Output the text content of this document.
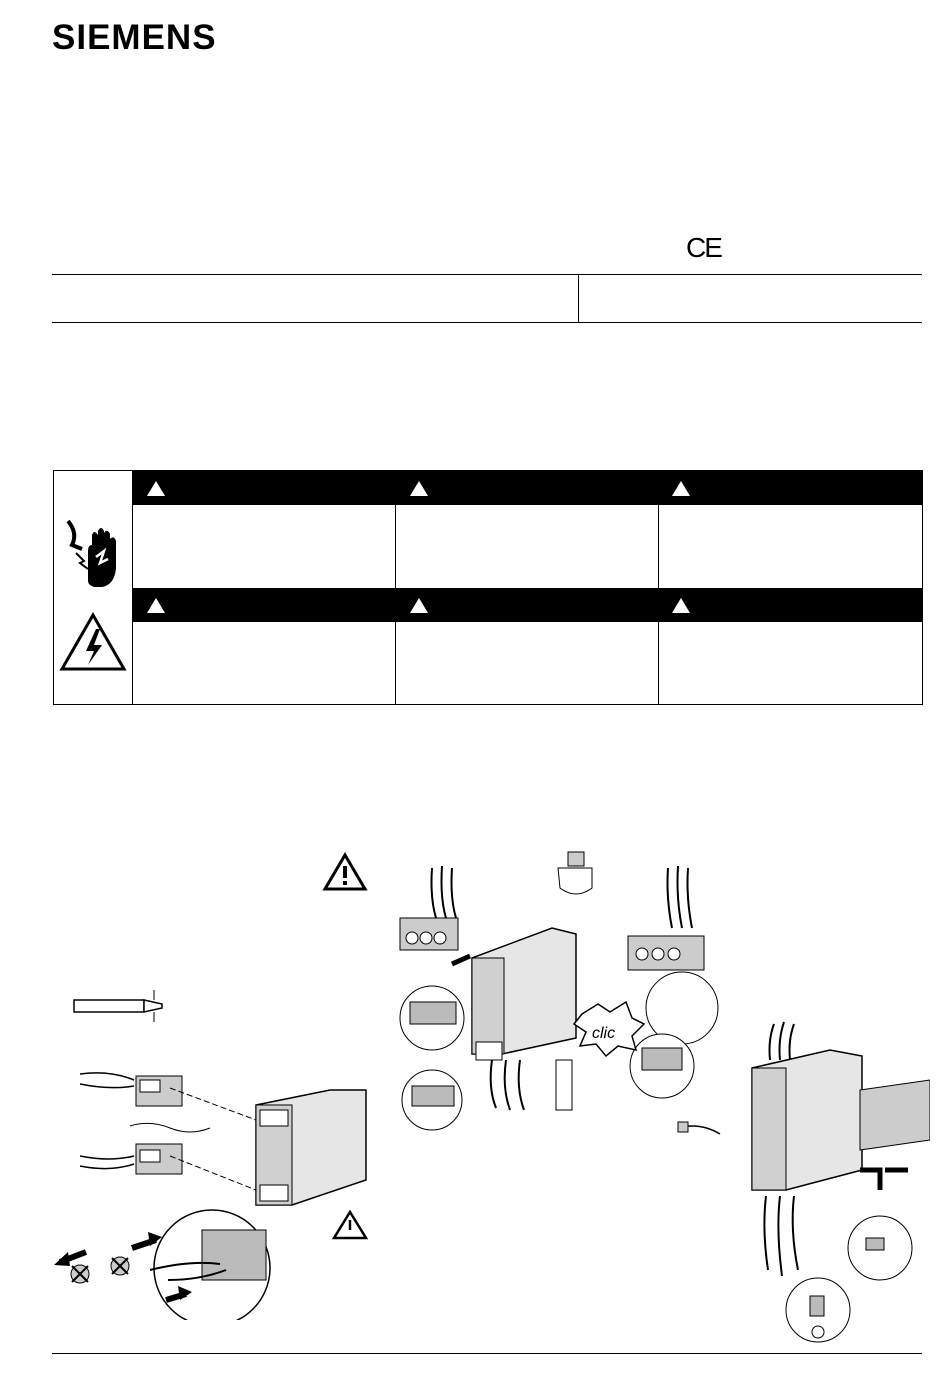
SIEMENS
CE
clic
